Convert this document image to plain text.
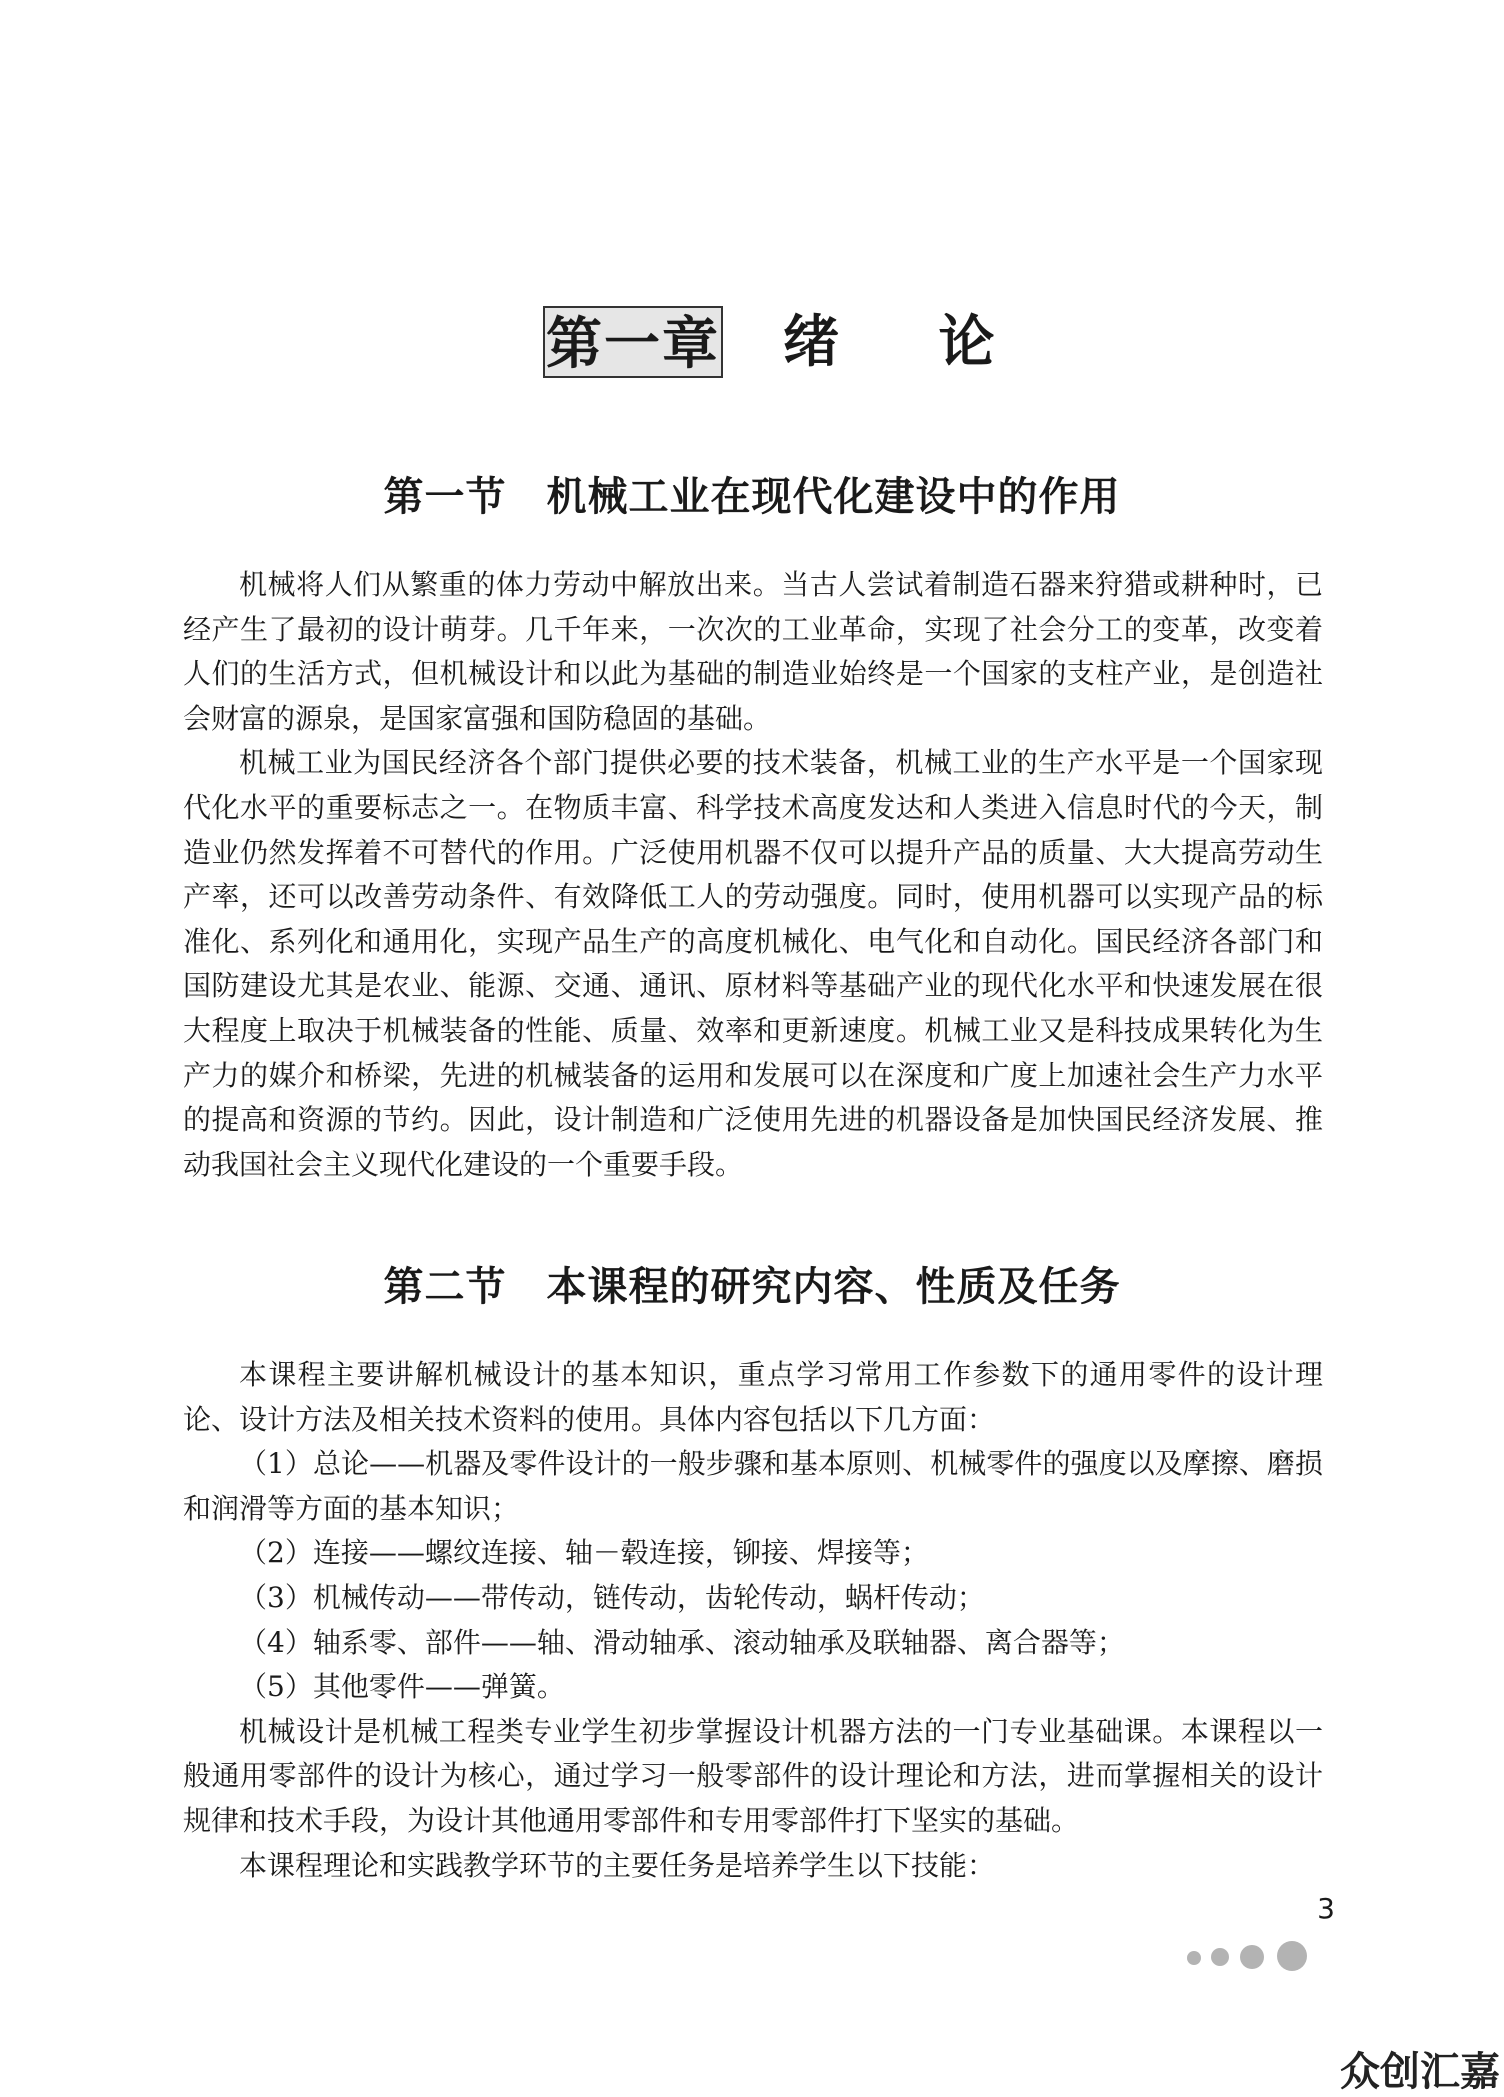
第一章 绪 论
第一节 机械工业在现代化建设中的作用

机械将人们从繁重的体力劳动中解放出来。当古人尝试着制造石器来狩猎或耕种时，已经产生了最初的设计萌芽。几千年来，一次次的工业革命，实现了社会分工的变革，改变着人们的生活方式，但机械设计和以此为基础的制造业始终是一个国家的支柱产业，是创造社会财富的源泉，是国家富强和国防稳固的基础。

机械工业为国民经济各个部门提供必要的技术装备，机械工业的生产水平是一个国家现代化水平的重要标志之一。在物质丰富、科学技术高度发达和人类进入信息时代的今天，制造业仍然发挥着不可替代的作用。广泛使用机器不仅可以提升产品的质量、大大提高劳动生产率，还可以改善劳动条件、有效降低工人的劳动强度。同时，使用机器可以实现产品的标准化、系列化和通用化，实现产品生产的高度机械化、电气化和自动化。国民经济各部门和国防建设尤其是农业、能源、交通、通讯、原材料等基础产业的现代化水平和快速发展在很大程度上取决于机械装备的性能、质量、效率和更新速度。机械工业又是科技成果转化为生产力的媒介和桥梁，先进的机械装备的运用和发展可以在深度和广度上加速社会生产力水平的提高和资源的节约。因此，设计制造和广泛使用先进的机器设备是加快国民经济发展、推动我国社会主义现代化建设的一个重要手段。

第二节 本课程的研究内容、性质及任务

本课程主要讲解机械设计的基本知识，重点学习常用工作参数下的通用零件的设计理论、设计方法及相关技术资料的使用。具体内容包括以下几方面：

（1）总论——机器及零件设计的一般步骤和基本原则、机械零件的强度以及摩擦、磨损和润滑等方面的基本知识；

（2）连接——螺纹连接、轴－毂连接，铆接、焊接等；

（3）机械传动——带传动，链传动，齿轮传动，蜗杆传动；

（4）轴系零、部件——轴、滑动轴承、滚动轴承及联轴器、离合器等；

（5）其他零件——弹簧。

机械设计是机械工程类专业学生初步掌握设计机器方法的一门专业基础课。本课程以一般通用零部件的设计为核心，通过学习一般零部件的设计理论和方法，进而掌握相关的设计规律和技术手段，为设计其他通用零部件和专用零部件打下坚实的基础。

本课程理论和实践教学环节的主要任务是培养学生以下技能：

3
众创汇嘉
